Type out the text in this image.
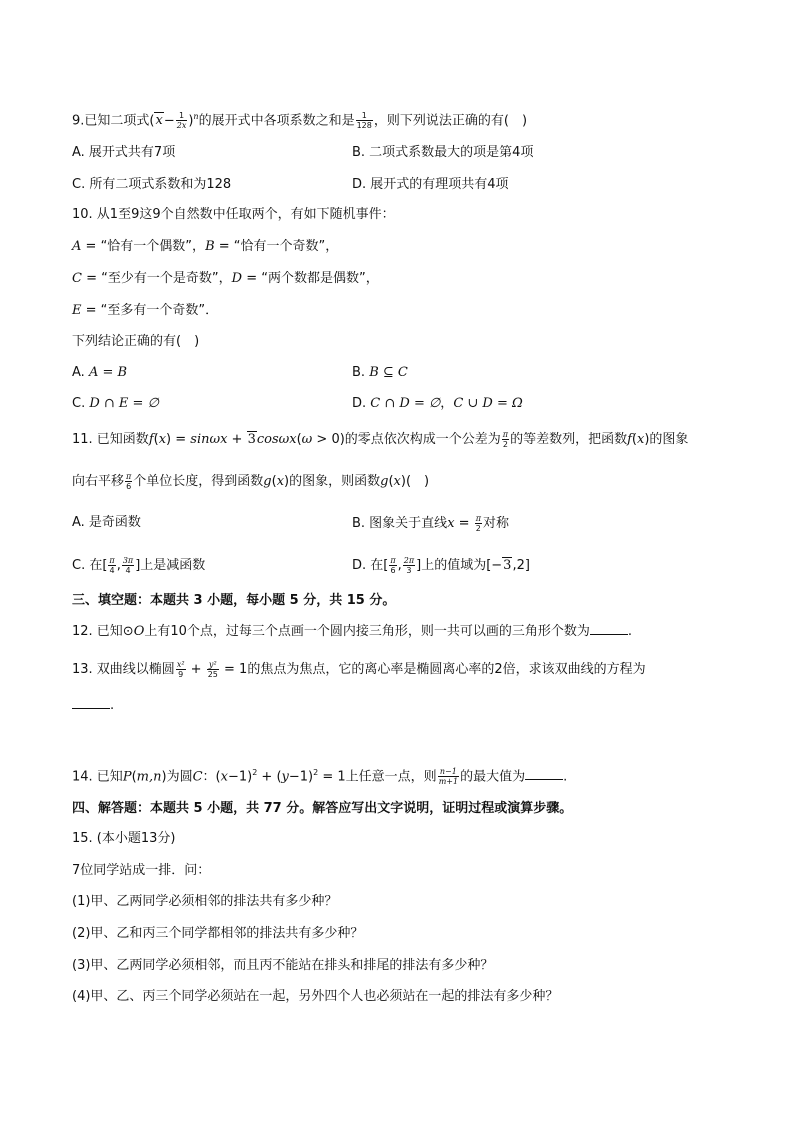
9.已知二项式$(x- \frac{1}{2x} )^n$的展开式中各项系数之和是 $\frac{1}{128}$ ，则下列说法正确的有(　)
A. 展开式共有7项	B. 二项式系数最大的项是第4项
C. 所有二项式系数和为128	D. 展开式的有理项共有4项
10. 从1至9这9个自然数中任取两个，有如下随机事件：
A = “恰有一个偶数”，B = “恰有一个奇数”，
C = “至少有一个是奇数”，D = “两个数都是偶数”，
E = “至多有一个奇数”．
下列结论正确的有(　)
A. A = B	B. B ⊆ C
C. D ∩ E = ∅	D. C ∩ D = ∅，C ∪ D = Ω
11. 已知函数f(x) = sinωx + 3cosωx(ω > 0)的零点依次构成一个公差为 $\frac{\pi}{2}$ 的等差数列，把函数f(x)的图象
向右平移 $\frac{\pi}{6}$ 个单位长度，得到函数g(x)的图象，则函数g(x)(　)
A. 是奇函数	B. 图象关于直线$x = \frac{\pi}{2}$ 对称
C. 在[ $\frac{\pi}{4}$ , $\frac{3\pi}{4}$ ]上是减函数	D. 在[ $\frac{\pi}{6}$ , $\frac{2\pi}{3}$ ]上的值域为[−3,2]
三、填空题：本题共 3 小题，每小题 5 分，共 15 分。
12. 已知⊙O上有10个点，过每三个点画一个圆内接三角形，则一共可以画的三角形个数为	.
13. 双曲线以椭圆 $\frac{\text{x²}}{9} + \frac{\text{y²}}{25} = 1$的焦点为焦点，它的离心率是椭圆离心率的2倍，求该双曲线的方程为
.
14. 已知P(m,n)为圆C：$(x-1)^2 + (y-1)^2 = 1$上任意一点，则 $\frac{n-1}{m+1}$ 的最大值为	.
四、解答题：本题共 5 小题，共 77 分。解答应写出文字说明，证明过程或演算步骤。
15. (本小题13分)
7位同学站成一排．问：
(1)甲、乙两同学必须相邻的排法共有多少种？
(2)甲、乙和丙三个同学都相邻的排法共有多少种？
(3)甲、乙两同学必须相邻，而且丙不能站在排头和排尾的排法有多少种？
(4)甲、乙、丙三个同学必须站在一起，另外四个人也必须站在一起的排法有多少种？
